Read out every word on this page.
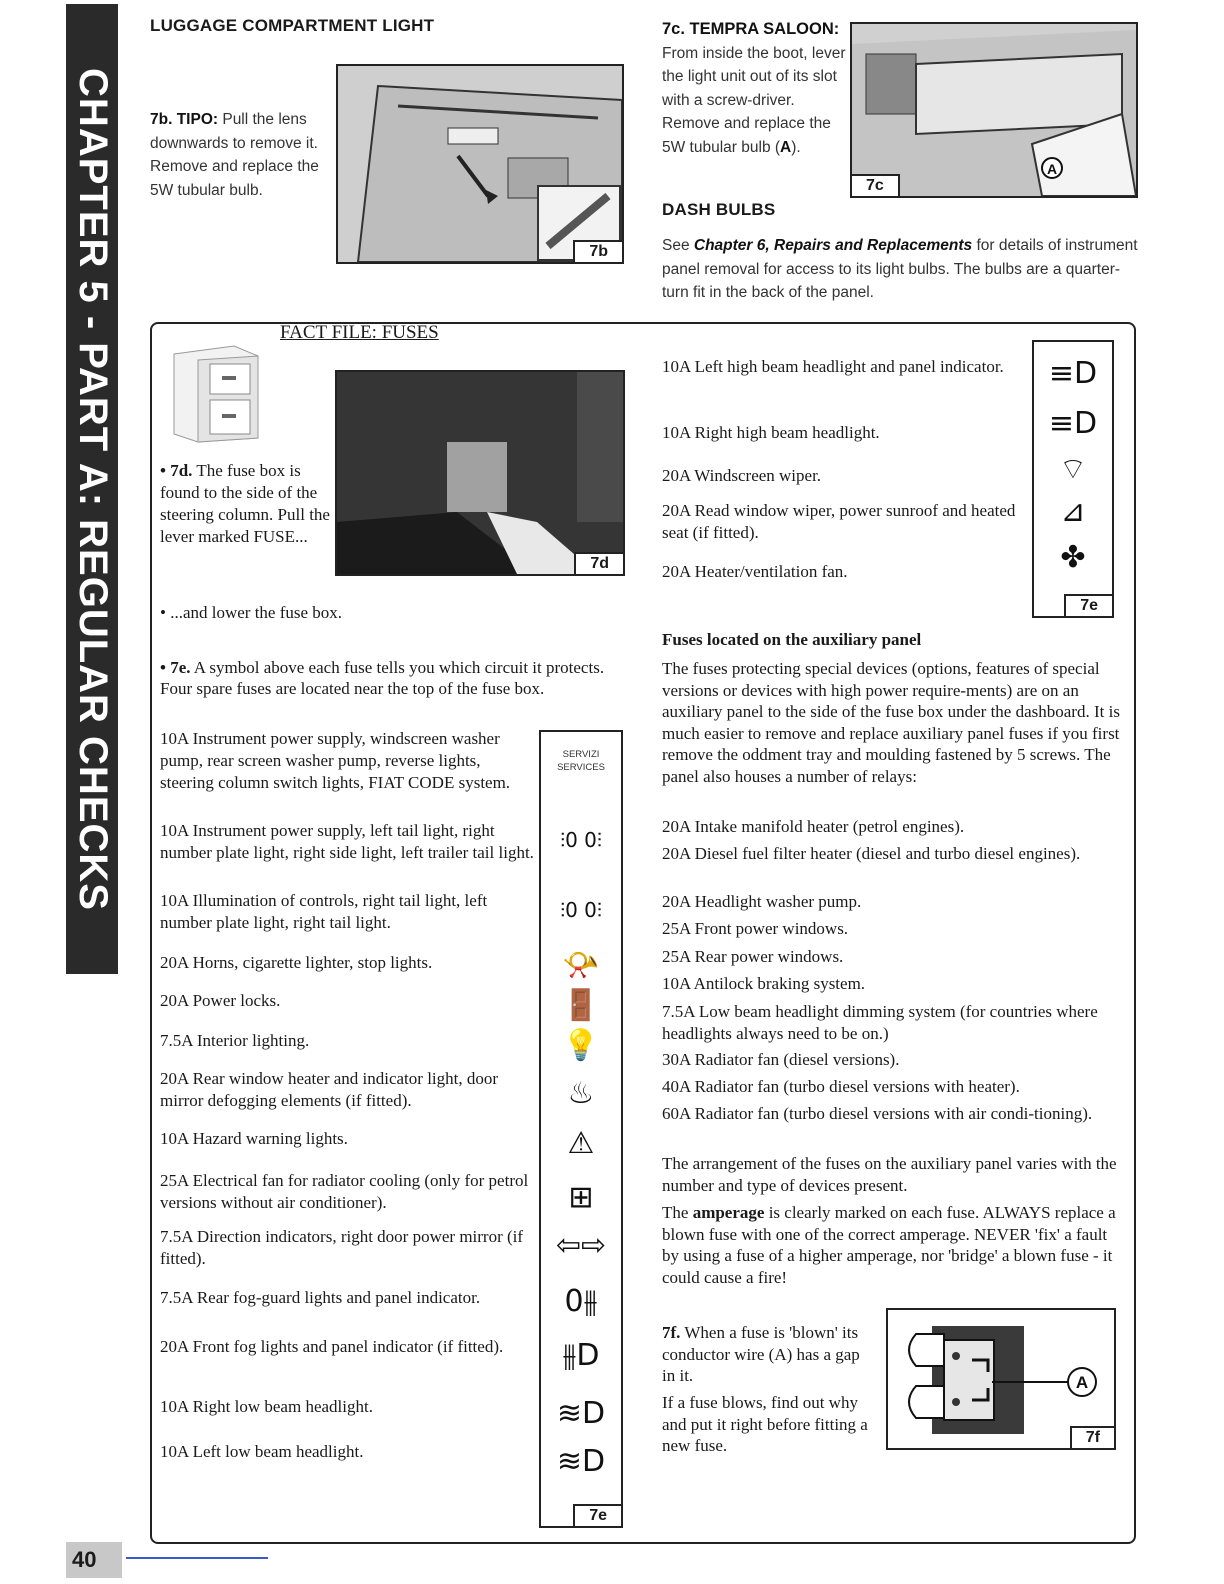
CHAPTER 5 - PART A: REGULAR CHECKS
LUGGAGE COMPARTMENT LIGHT

7b. TIPO: Pull the lens downwards to remove it. Remove and replace the 5W tubular bulb.

7b

7c. TEMPRA SALOON:
From inside the boot, lever the light unit out of its slot with a screw-driver. Remove and replace the 5W tubular bulb (A).

A
7c
DASH BULBS

See Chapter 6, Repairs and Replacements for details of instrument panel removal for access to its light bulbs. The bulbs are a quarter-turn fit in the back of the panel.

FACT FILE: FUSES
7d

• 7d. The fuse box is found to the side of the steering column. Pull the lever marked FUSE...

• ...and lower the fuse box.

• 7e. A symbol above each fuse tells you which circuit it protects. Four spare fuses are located near the top of the fuse box.

10A Instrument power supply, windscreen washer pump, rear screen washer pump, reverse lights, steering column switch lights, FIAT CODE system.
10A Instrument power supply, left tail light, right number plate light, right side light, left trailer tail light.
10A Illumination of controls, right tail light, left number plate light, right tail light.
20A Horns, cigarette lighter, stop lights.
20A Power locks.
7.5A Interior lighting.
20A Rear window heater and indicator light, door mirror defogging elements (if fitted).
10A Hazard warning lights.
25A Electrical fan for radiator cooling (only for petrol versions without air conditioner).
7.5A Direction indicators, right door power mirror (if fitted).
7.5A Rear fog-guard lights and panel indicator.
20A Front fog lights and panel indicator (if fitted).
10A Right low beam headlight.
10A Left low beam headlight.
SERVIZI SERVICES
⫶0 0⫶
⫶0 0⫶
📯
🚪
💡
♨
⚠
⊞
⇦⇨
0⫵
⫵D
≋D
≋D
7e
10A Left high beam headlight and panel indicator.
10A Right high beam headlight.
20A Windscreen wiper.
20A Read window wiper, power sunroof and heated seat (if fitted).
20A Heater/ventilation fan.
≡D
≡D
⌔
⊿
✤
7e
Fuses located on the auxiliary panel

The fuses protecting special devices (options, features of special versions or devices with high power require-ments) are on an auxiliary panel to the side of the fuse box under the dashboard. It is much easier to remove and replace auxiliary panel fuses if you first remove the oddment tray and moulding fastened by 5 screws. The panel also houses a number of relays:

20A Intake manifold heater (petrol engines).
20A Diesel fuel filter heater (diesel and turbo diesel engines).
20A Headlight washer pump.
25A Front power windows.
25A Rear power windows.
10A Antilock braking system.
7.5A Low beam headlight dimming system (for countries where headlights always need to be on.)
30A Radiator fan (diesel versions).
40A Radiator fan (turbo diesel versions with heater).
60A Radiator fan (turbo diesel versions with air condi-tioning).

The arrangement of the fuses on the auxiliary panel varies with the number and type of devices present.

The amperage is clearly marked on each fuse. ALWAYS replace a blown fuse with one of the correct amperage. NEVER 'fix' a fault by using a fuse of a higher amperage, nor 'bridge' a blown fuse - it could cause a fire!

7f. When a fuse is 'blown' its conductor wire (A) has a gap in it.

If a fuse blows, find out why and put it right before fitting a new fuse.

A
7f
40
